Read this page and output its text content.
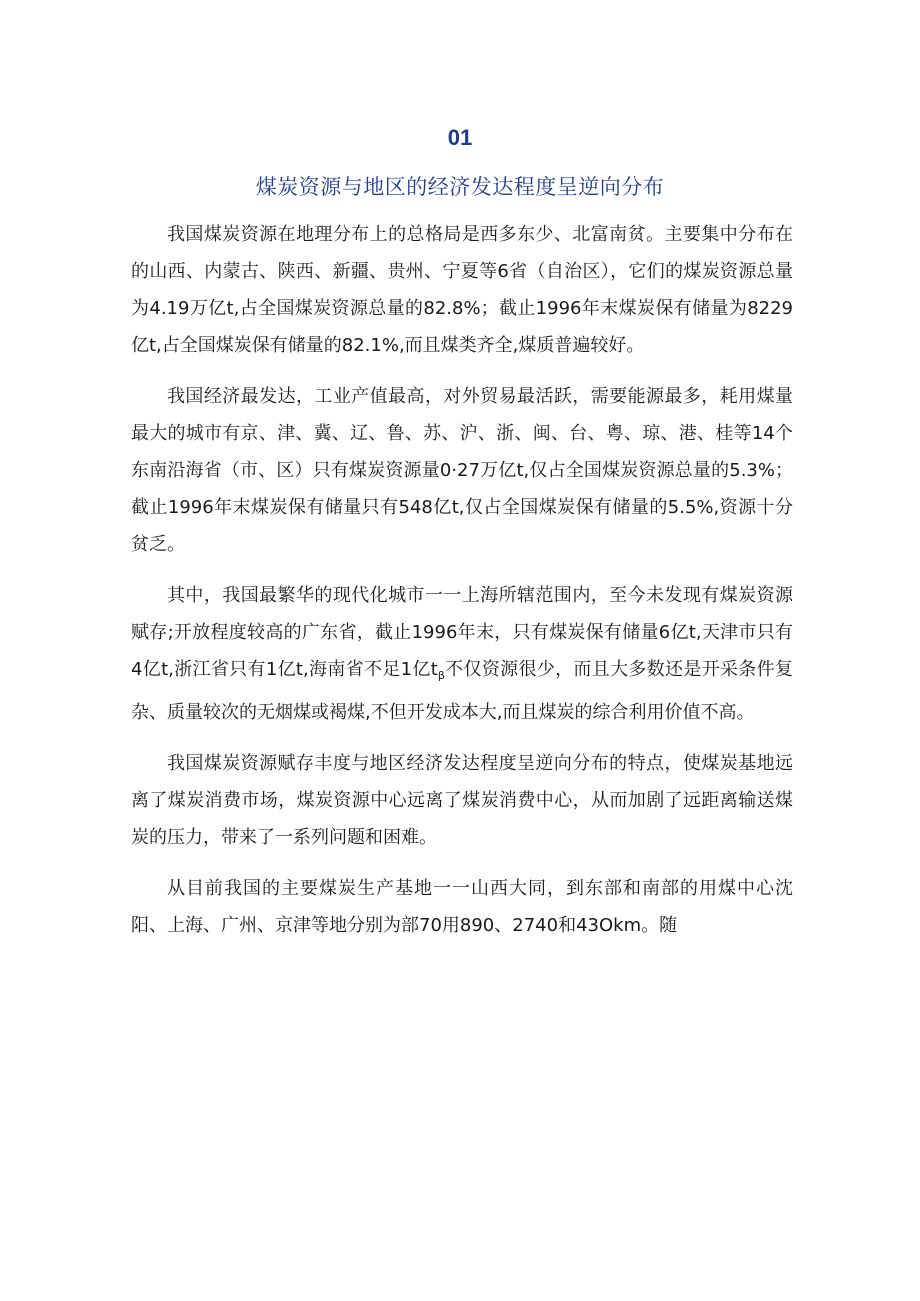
01
煤炭资源与地区的经济发达程度呈逆向分布

我国煤炭资源在地理分布上的总格局是西多东少、北富南贫。主要集中分布在的山西、内蒙古、陕西、新疆、贵州、宁夏等6省（自治区），它们的煤炭资源总量为4.19万亿t,占全国煤炭资源总量的82.8%；截止1996年末煤炭保有储量为8229亿t,占全国煤炭保有储量的82.1%,而且煤类齐全,煤质普遍较好。

我国经济最发达，工业产值最高，对外贸易最活跃，需要能源最多，耗用煤量最大的城市有京、津、冀、辽、鲁、苏、沪、浙、闽、台、粤、琼、港、桂等14个东南沿海省（市、区）只有煤炭资源量0·27万亿t,仅占全国煤炭资源总量的5.3%；截止1996年末煤炭保有储量只有548亿t,仅占全国煤炭保有储量的5.5%,资源十分贫乏。

其中，我国最繁华的现代化城市一一上海所辖范围内，至今未发现有煤炭资源赋存;开放程度较高的广东省，截止1996年末，只有煤炭保有储量6亿t,天津市只有4亿t,浙江省只有1亿t,海南省不足1亿$t_\beta$不仅资源很少，而且大多数还是开采条件复杂、质量较次的无烟煤或褐煤,不但开发成本大,而且煤炭的综合利用价值不高。

我国煤炭资源赋存丰度与地区经济发达程度呈逆向分布的特点，使煤炭基地远离了煤炭消费市场，煤炭资源中心远离了煤炭消费中心，从而加剧了远距离输送煤炭的压力，带来了一系列问题和困难。

从目前我国的主要煤炭生产基地一一山西大同，到东部和南部的用煤中心沈阳、上海、广州、京津等地分别为部70用890、2740和43Okm。随
